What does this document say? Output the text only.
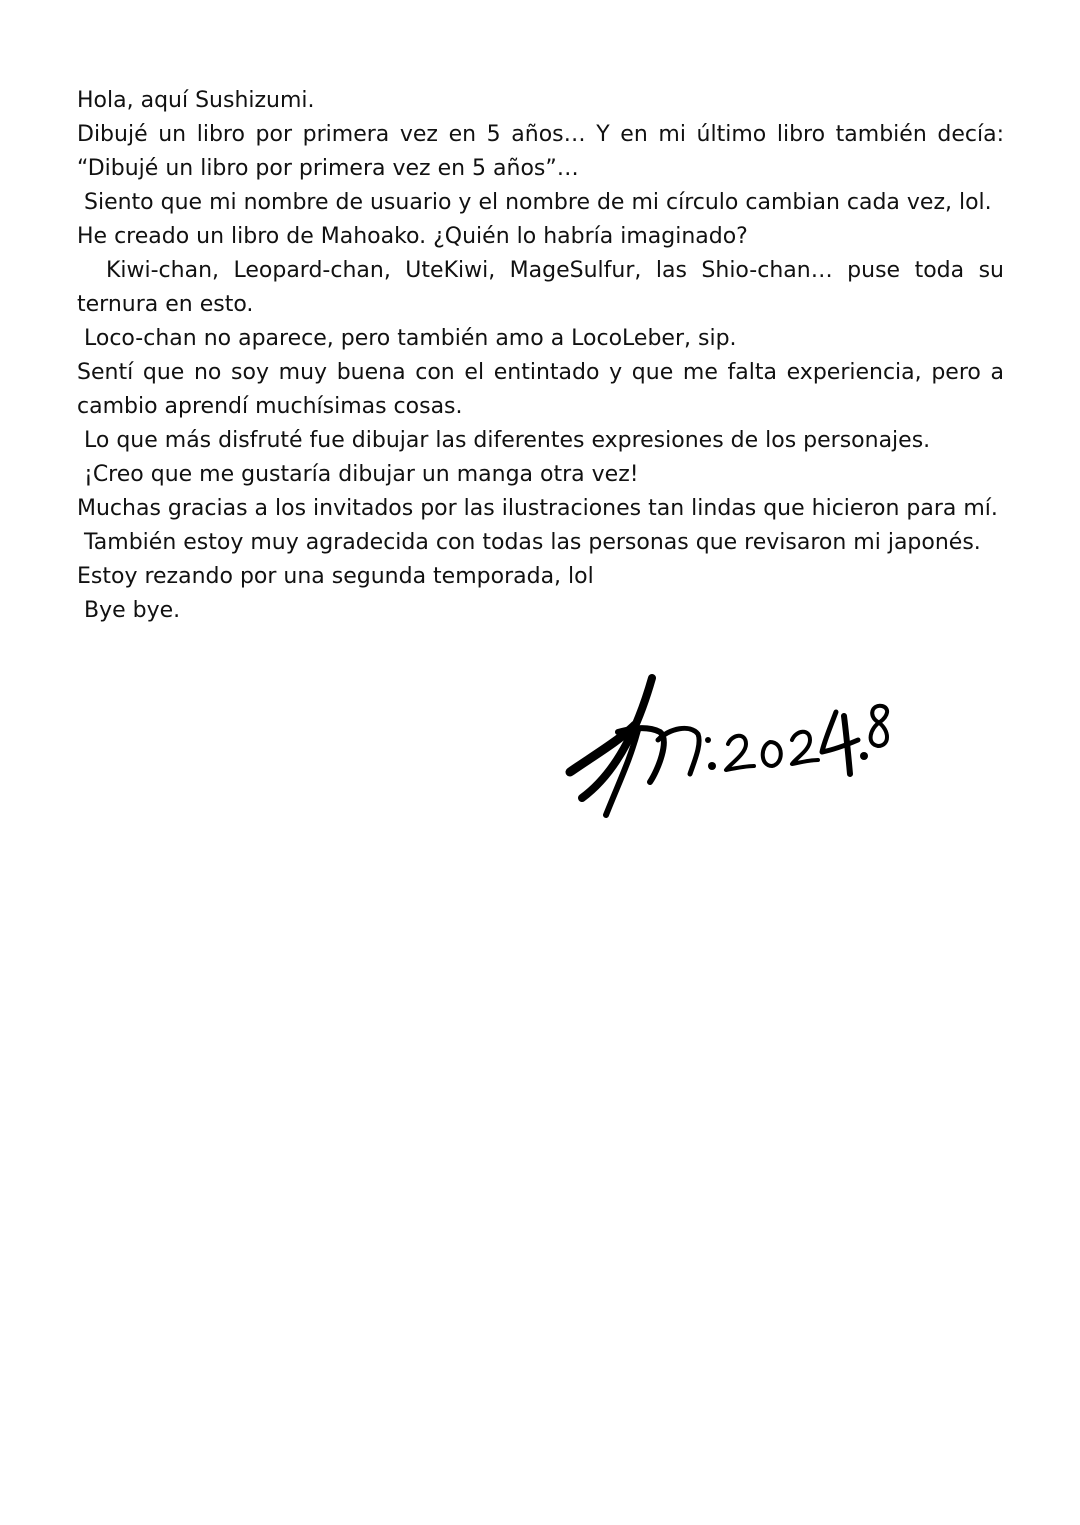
Hola, aquí Sushizumi.

Dibujé un libro por primera vez en 5 años… Y en mi último libro también decía: “Dibujé un libro por primera vez en 5 años”…

Siento que mi nombre de usuario y el nombre de mi círculo cambian cada vez, lol.

He creado un libro de Mahoako. ¿Quién lo habría imaginado?

Kiwi-chan, Leopard-chan, UteKiwi, MageSulfur, las Shio-chan… puse toda su ternura en esto.

Loco-chan no aparece, pero también amo a LocoLeber, sip.

Sentí que no soy muy buena con el entintado y que me falta experiencia, pero a cambio aprendí muchísimas cosas.

Lo que más disfruté fue dibujar las diferentes expresiones de los personajes.

¡Creo que me gustaría dibujar un manga otra vez!

Muchas gracias a los invitados por las ilustraciones tan lindas que hicieron para mí.

También estoy muy agradecida con todas las personas que revisaron mi japonés.

Estoy rezando por una segunda temporada, lol

Bye bye.
